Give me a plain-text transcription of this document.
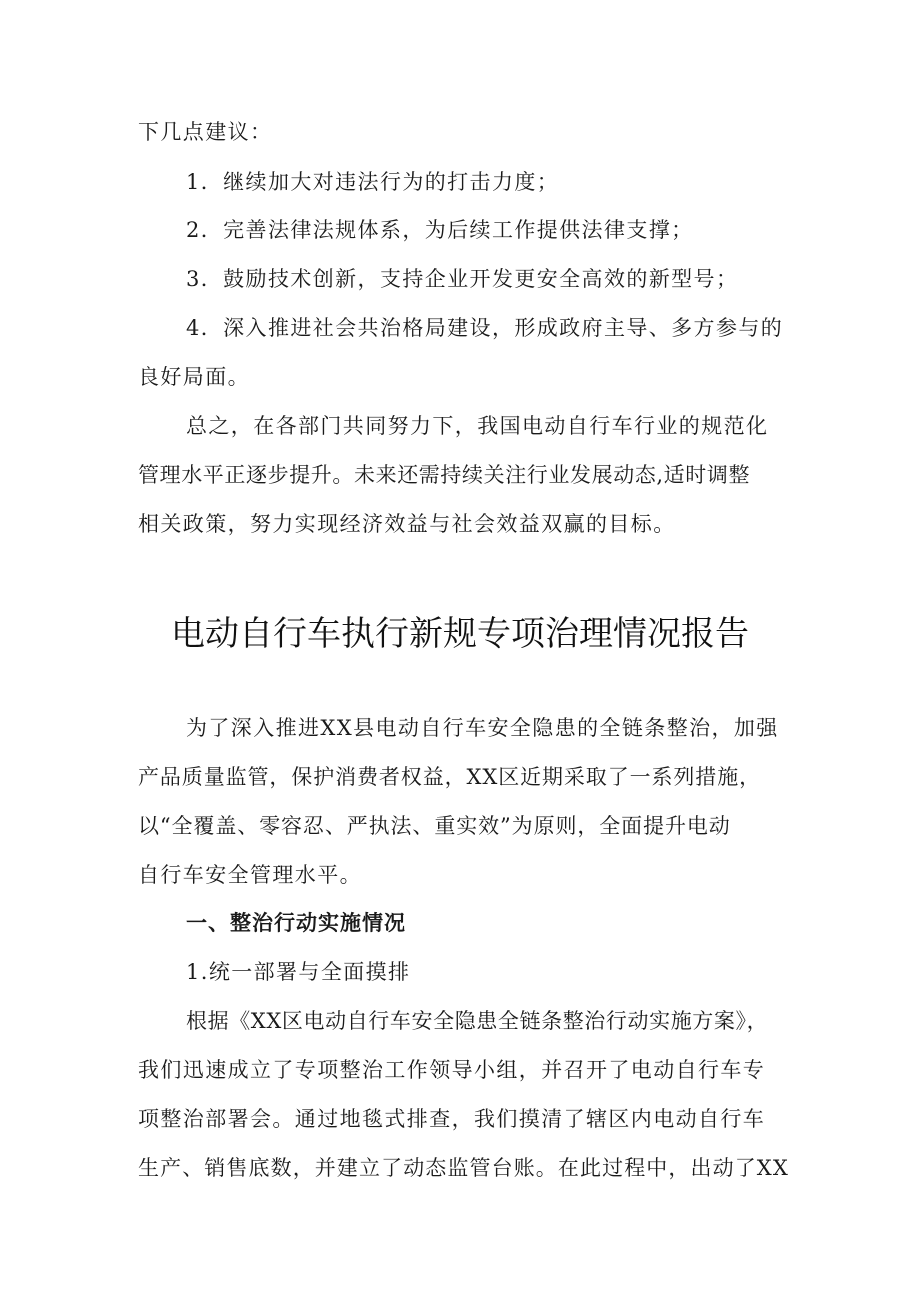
下几点建议：
1．继续加大对违法行为的打击力度；
2．完善法律法规体系，为后续工作提供法律支撑；
3．鼓励技术创新，支持企业开发更安全高效的新型号；
4．深入推进社会共治格局建设，形成政府主导、多方参与的
良好局面。
总之，在各部门共同努力下，我国电动自行车行业的规范化
管理水平正逐步提升。未来还需持续关注行业发展动态,适时调整
相关政策，努力实现经济效益与社会效益双赢的目标。
电动自行车执行新规专项治理情况报告
为了深入推进XX县电动自行车安全隐患的全链条整治，加强
产品质量监管，保护消费者权益，XX区近期采取了一系列措施，
以“全覆盖、零容忍、严执法、重实效”为原则，全面提升电动
自行车安全管理水平。
一、整治行动实施情况
1.统一部署与全面摸排
根据《XX区电动自行车安全隐患全链条整治行动实施方案》，
我们迅速成立了专项整治工作领导小组，并召开了电动自行车专
项整治部署会。通过地毯式排查，我们摸清了辖区内电动自行车
生产、销售底数，并建立了动态监管台账。在此过程中，出动了XX
